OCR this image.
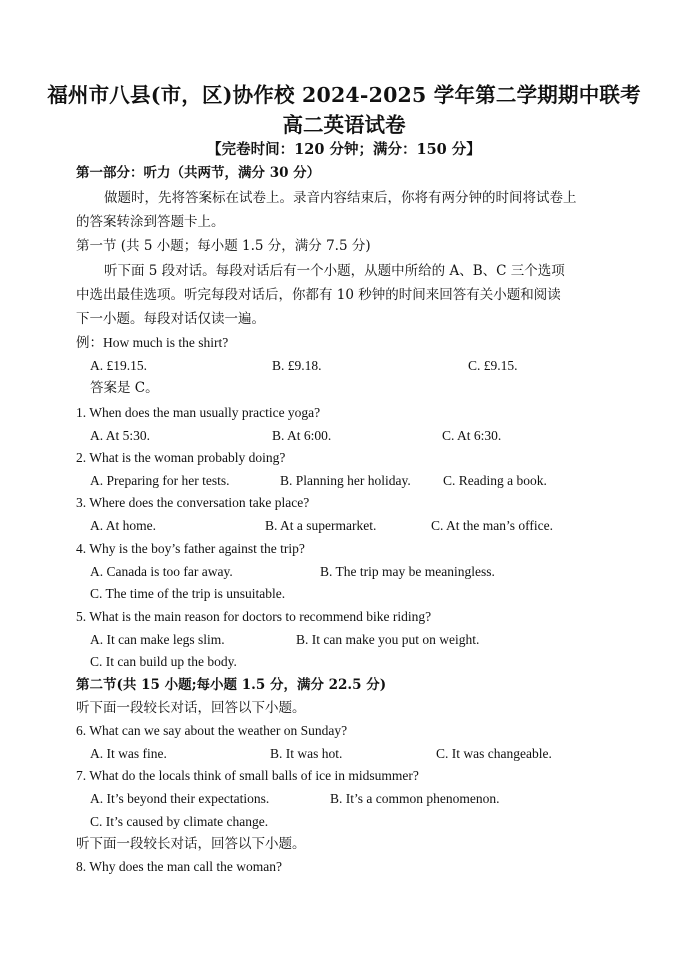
福州市八县(市，区)协作校 2024-2025 学年第二学期期中联考
高二英语试卷
【完卷时间：120 分钟；满分：150 分】
第一部分：听力（共两节，满分 30 分）
做题时，先将答案标在试卷上。录音内容结束后，你将有两分钟的时间将试卷上
的答案转涂到答题卡上。
第一节 (共 5 小题；每小题 1.5 分，满分 7.5 分)
听下面 5 段对话。每段对话后有一个小题，从题中所给的 A、B、C 三个选项
中选出最佳选项。听完每段对话后，你都有 10 秒钟的时间来回答有关小题和阅读
下一小题。每段对话仅读一遍。
例：How much is the shirt?
A. £19.15.	B. £9.18.	C. £9.15.
答案是 C。
1. When does the man usually practice yoga?
A. At 5:30.	B. At 6:00.	C. At 6:30.
2. What is the woman probably doing?
A. Preparing for her tests.	B. Planning her holiday. C. Reading a book.
3. Where does the conversation take place?
A. At home.	B. At a supermarket.	C. At the man’s office.
4. Why is the boy’s father against the trip?
A. Canada is too far away.	B. The trip may be meaningless.
C. The time of the trip is unsuitable.
5. What is the main reason for doctors to recommend bike riding?
A. It can make legs slim.	B. It can make you put on weight.
C. It can build up the body.
第二节(共 15 小题;每小题 1.5 分，满分 22.5 分)
听下面一段较长对话，回答以下小题。
6. What can we say about the weather on Sunday?
A. It was fine.	B. It was hot.	C. It was changeable.
7. What do the locals think of small balls of ice in midsummer?
A. It’s beyond their expectations.	B. It’s a common phenomenon.
C. It’s caused by climate change.
听下面一段较长对话，回答以下小题。
8. Why does the man call the woman?
